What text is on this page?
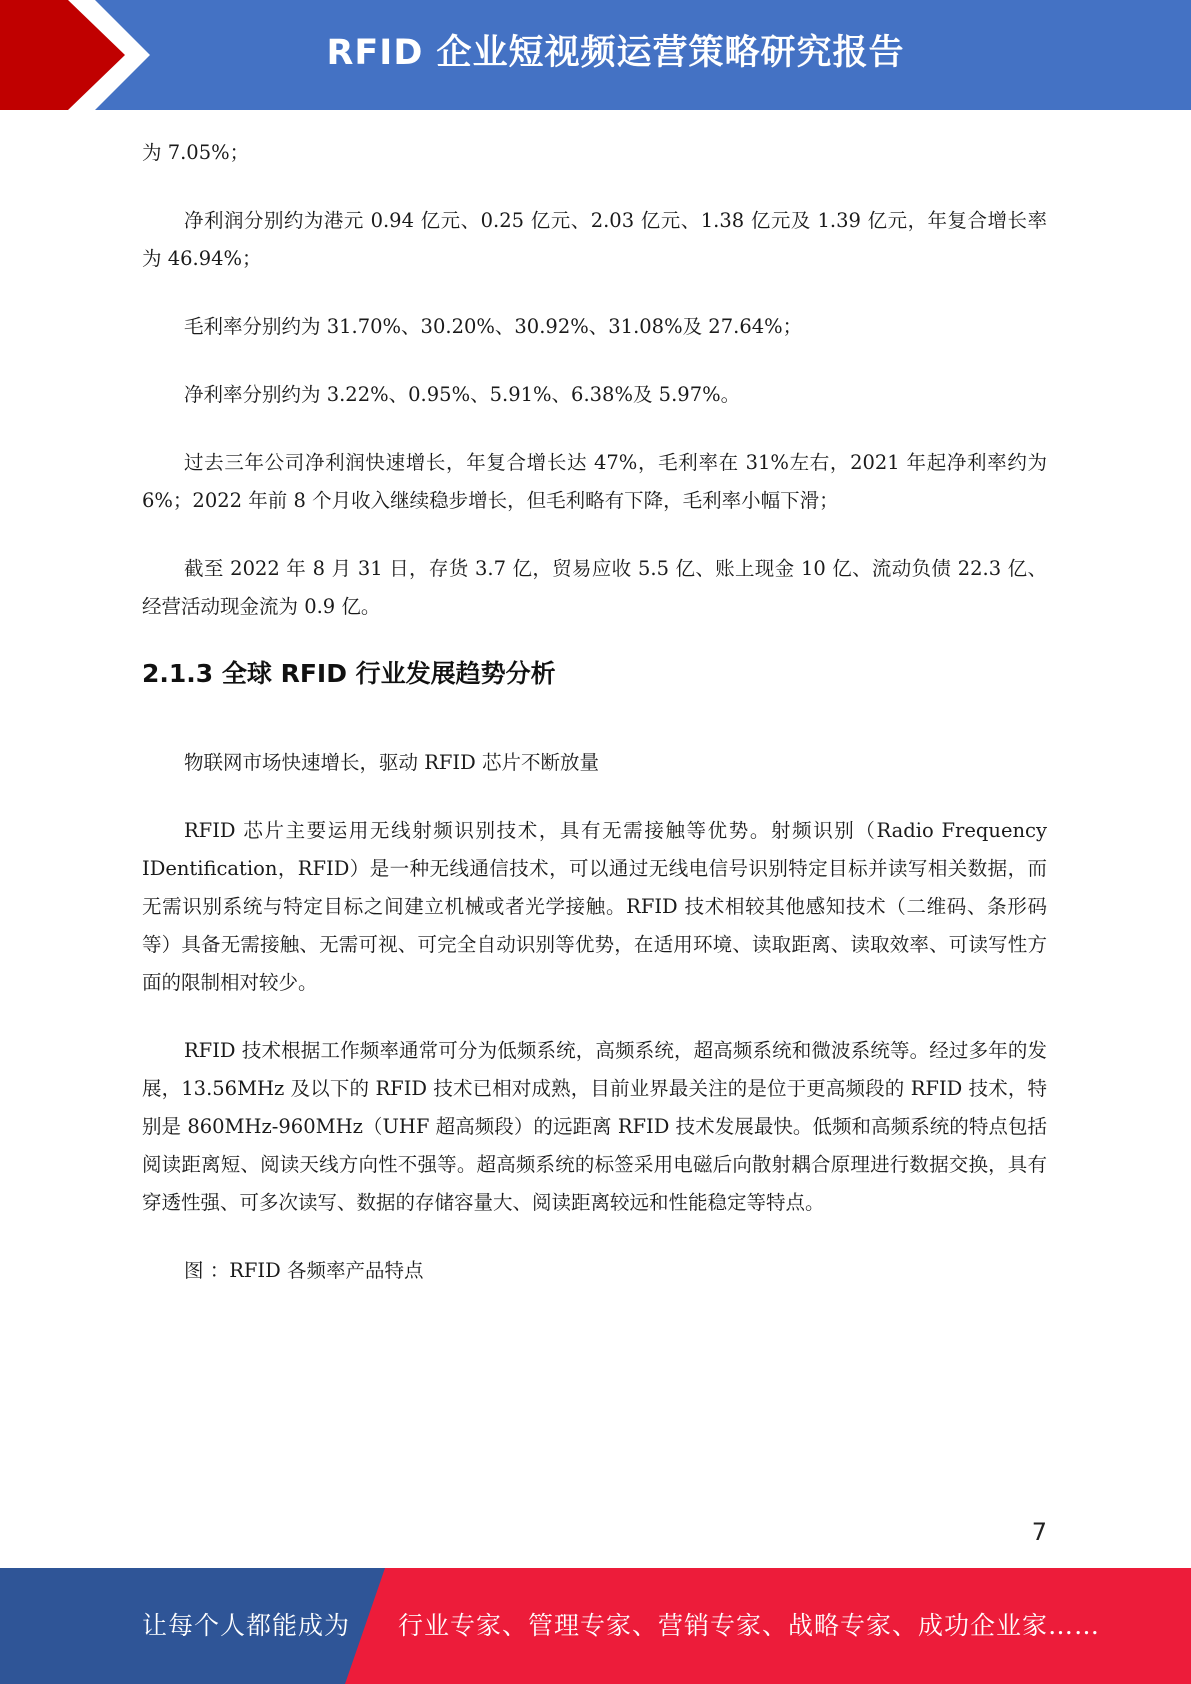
RFID 企业短视频运营策略研究报告

为 7.05%；

净利润分别约为港元 0.94 亿元、0.25 亿元、2.03 亿元、1.38 亿元及 1.39 亿元，年复合增长率为 46.94%；

毛利率分别约为 31.70%、30.20%、30.92%、31.08%及 27.64%；

净利率分别约为 3.22%、0.95%、5.91%、6.38%及 5.97%。

过去三年公司净利润快速增长，年复合增长达 47%，毛利率在 31%左右，2021 年起净利率约为 6%；2022 年前 8 个月收入继续稳步增长，但毛利略有下降，毛利率小幅下滑；

截至 2022 年 8 月 31 日，存货 3.7 亿，贸易应收 5.5 亿、账上现金 10 亿、流动负债 22.3 亿、经营活动现金流为 0.9 亿。

2.1.3 全球 RFID 行业发展趋势分析

物联网市场快速增长，驱动 RFID 芯片不断放量

RFID 芯片主要运用无线射频识别技术，具有无需接触等优势。射频识别（Radio Frequency IDentification，RFID）是一种无线通信技术，可以通过无线电信号识别特定目标并读写相关数据，而无需识别系统与特定目标之间建立机械或者光学接触。RFID 技术相较其他感知技术（二维码、条形码等）具备无需接触、无需可视、可完全自动识别等优势，在适用环境、读取距离、读取效率、可读写性方面的限制相对较少。

RFID 技术根据工作频率通常可分为低频系统，高频系统，超高频系统和微波系统等。经过多年的发展，13.56MHz 及以下的 RFID 技术已相对成熟，目前业界最关注的是位于更高频段的 RFID 技术，特别是 860MHz-960MHz（UHF 超高频段）的远距离 RFID 技术发展最快。低频和高频系统的特点包括阅读距离短、阅读天线方向性不强等。超高频系统的标签采用电磁后向散射耦合原理进行数据交换，具有穿透性强、可多次读写、数据的存储容量大、阅读距离较远和性能稳定等特点。

图 ：RFID 各频率产品特点

7
让每个人都能成为 行业专家、管理专家、营销专家、战略专家、成功企业家……
